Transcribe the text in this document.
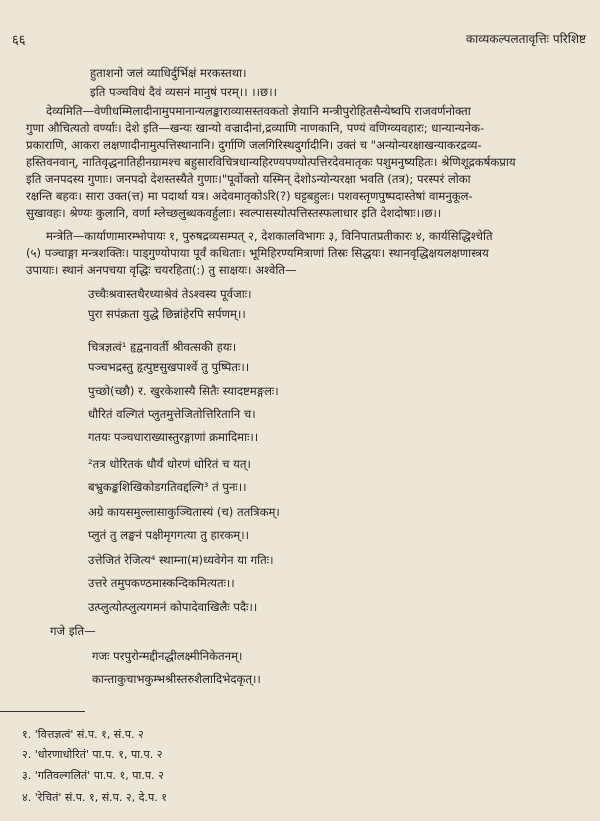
६६	काव्यकल्पलतावृत्तिः परिशिष्ट
हुताशनो जलं व्याधिर्दुर्भिक्षं मरकस्तथा।
इति पञ्चविधं दैवं व्यसनं मानुषं परम्।। ।।छ।।
देव्यमिति—वेणीधम्मिलादीनामुपमानान्यलङ्काराव्यासस्तवकतो ज्ञेयानि मन्त्रीपुरोहितसैन्येष्वपि राजवर्णनोक्ता
गुणा औचित्यतो वर्ण्याः। देशे इति—खन्यः खान्यो वज्रादीनां,द्रव्याणि नाणकानि, पण्यं वणिग्व्यवहारः; धान्यान्यनेक-
प्रकाराणि, आकरा लक्षणादीनामुत्पत्तिस्थानानि। दुर्गाणि जलगिरिस्थदुर्गादीनि। उक्तं च "अन्योन्यरक्षाखन्याकरद्रव्य-
हस्तिवनवान्, नातिवृद्धनातिहीनग्रामश्च बहुसारविचित्रधान्यहिरण्यपण्योत्पत्तिरदेवमातृकः पशुमनुष्यहितः। श्रेणिशूद्रकर्षकप्राय
इति जनपदस्य गुणाः। जनपदो देशस्तस्यैते गुणाः।"पूर्वोक्तो यस्मिन् देशोऽन्योन्यरक्षा भवति (तत्र); परस्परं लोका
रक्षन्ति बहवः। सारा उक्त(त्त) मा पदार्था यत्र। अदेवमातृकोऽरि(?) घट्टबहुलः। पशवस्तृणपुष्पदास्तेषां वामनुकूल-
सुखावहः। श्रेण्यः कुलानि, वर्णा म्लेच्छलुब्धकवर्हुलाः। स्वल्पासस्योत्पत्तिस्तस्फलाधार इति देशदोषाः।।छ।।
मन्त्रेति—कार्याणामारम्भोपायः १, पुरुषद्रव्यसम्पत् २, देशकालविभागः ३, विनिपातप्रतीकारः ४, कार्यसिद्धिश्चेति
(५) पञ्चाङ्गा मन्त्रशक्तिः। पाड्गुण्योपाया पूर्वं कथिताः। भूमिहिरण्यमित्राणां तिस्रः सिद्धयः। स्थानवृद्धिक्षयलक्षणास्त्रय
उपायाः। स्थानं अनपचया वृद्धिः चयरहिता(:) तु साक्षयः। अश्वेति—
उच्चैःश्रवास्तथैरध्याश्रेवं तेऽश्वस्य पूर्वजाः।
पुरा सपंक्रता युद्धे छिन्नांहेरपि सर्पणम्।।
चित्रज्ञत्वं¹ हृद्वनावर्ती श्रीवत्सकी हयः।
पञ्चभद्रस्तु हृत्पुष्टसुखपार्श्वे तु पुष्पितः।।
पुच्छो(च्छौ) र. खुरकेशास्यै सितैः स्यादष्टमङ्गलः।
धौरितं वल्गितं प्लुतमुत्तेजितोत्तिरितानि च।
गतयः पञ्चधाराख्यास्तुरङ्गाणां क्रमादिमाः।।
²तत्र धोरितकं धौर्यं धोरणं धोरितं च यत्।
बभ्रुकङ्कशिखिकोडगतिवद्दल्गि³ तं पुनः।।
अग्रे कायसमुल्लासाकुञ्चितास्यं (च) ततत्रिकम्।
प्लुतं तु लङ्घनं पक्षीमृगगत्या तु हारकम्।।
उत्तेजितं रेजित्य⁴ स्थाम्ना(म)ध्यवेगेन या गतिः।
उत्तरे तमुपकण्ठमास्कन्दिकमित्यतः।।
उत्प्लुत्योत्प्लुत्यगमनं कोपादेवाखिलैः पदैः।।
गजे इति—
गजः परपुरोन्मद्दीनद्धीलक्ष्मीनिकेतनम्।
कान्ताकुचाभकुम्भश्रीस्तरुशैलादिभेदकृत्।।
१. 'वित्तज्ञत्वं' सं.प. १, सं.प. २
२. 'धोरणाधोरितं' पा.प. १, पा.प. २
३. 'गतिवल्गलितं' पा.प. १, पा.प. २
४. 'रेचितं' सं.प. १, सं.प. २, दे.प. १
